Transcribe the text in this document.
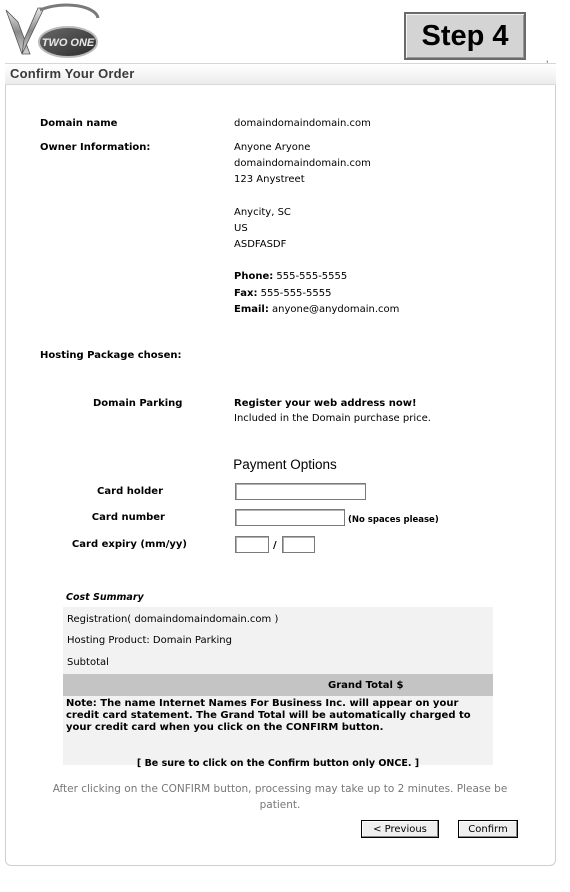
TWO ONE	Step 4
Confirm Your Order
'
Domain name	domaindomaindomain.com
Owner Information:	Anyone Aryone
domaindomaindomain.com
123 Anystreet
Anycity, SC
US
ASDFASDF
Phone: 555-555-5555
Fax: 555-555-5555
Email: anyone@anydomain.com
Hosting Package chosen:
Domain Parking	Register your web address now!
Included in the Domain purchase price.
Payment Options
Card holder
Card number	(No spaces please)
Card expiry (mm/yy)	/
Cost Summary
Registration( domaindomaindomain.com )
Hosting Product: Domain Parking
Subtotal
Grand Total $
Note: The name Internet Names For Business Inc. will appear on your credit card statement. The Grand Total will be automatically charged to your credit card when you click on the CONFIRM button.
[ Be sure to click on the Confirm button only ONCE. ]
After clicking on the CONFIRM button, processing may take up to 2 minutes. Please be patient.
< Previous	Confirm
